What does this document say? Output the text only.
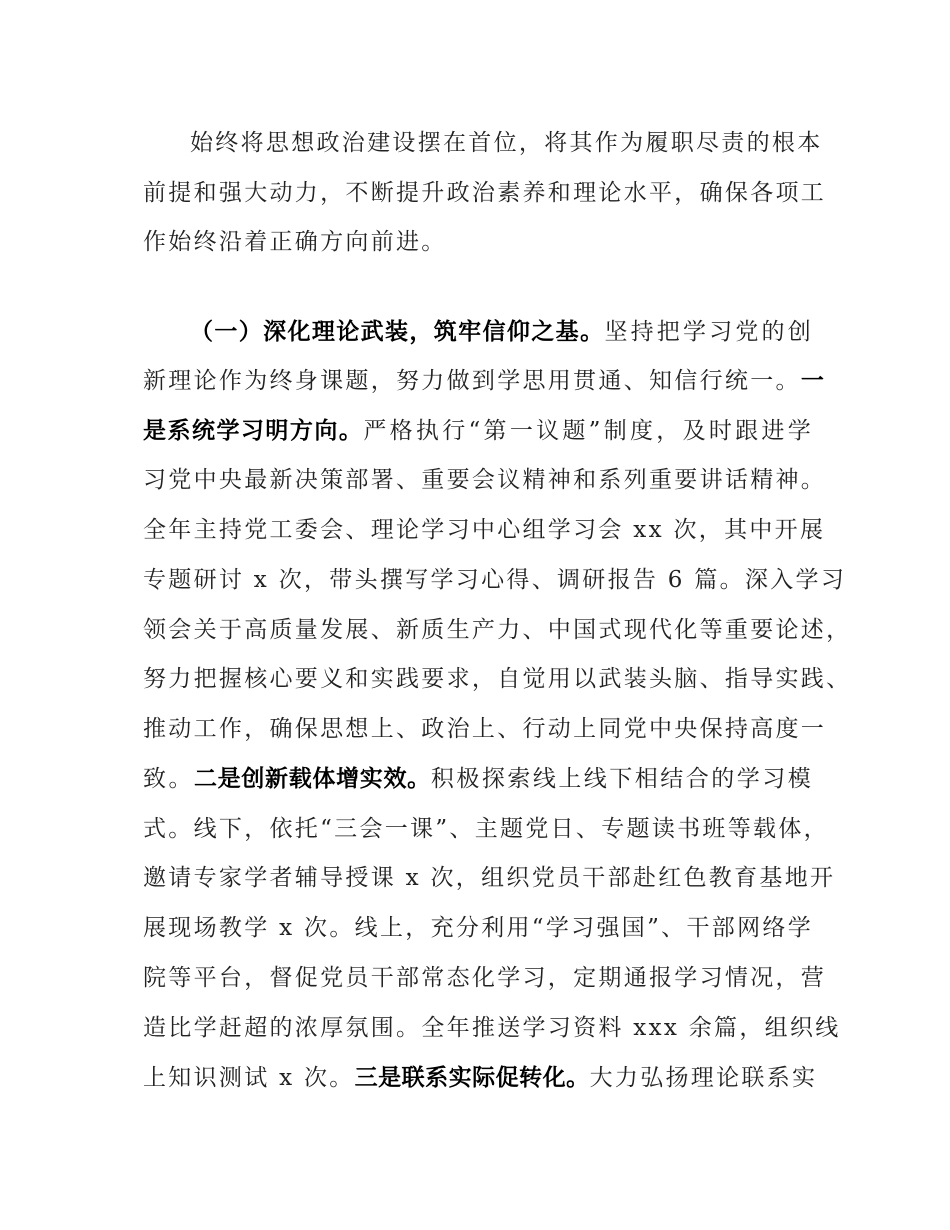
始终将思想政治建设摆在首位，将其作为履职尽责的根本
前提和强大动力，不断提升政治素养和理论水平，确保各项工
作始终沿着正确方向前进。
（一）深化理论武装，筑牢信仰之基。坚持把学习党的创
新理论作为终身课题，努力做到学思用贯通、知信行统一。一
是系统学习明方向。严格执行“第一议题”制度，及时跟进学
习党中央最新决策部署、重要会议精神和系列重要讲话精神。
全年主持党工委会、理论学习中心组学习会 xx 次，其中开展
专题研讨 x 次，带头撰写学习心得、调研报告 6 篇。深入学习
领会关于高质量发展、新质生产力、中国式现代化等重要论述，
努力把握核心要义和实践要求，自觉用以武装头脑、指导实践、
推动工作，确保思想上、政治上、行动上同党中央保持高度一
致。二是创新载体增实效。积极探索线上线下相结合的学习模
式。线下，依托“三会一课”、主题党日、专题读书班等载体，
邀请专家学者辅导授课 x 次，组织党员干部赴红色教育基地开
展现场教学 x 次。线上，充分利用“学习强国”、干部网络学
院等平台，督促党员干部常态化学习，定期通报学习情况，营
造比学赶超的浓厚氛围。全年推送学习资料 xxx 余篇，组织线
上知识测试 x 次。三是联系实际促转化。大力弘扬理论联系实
